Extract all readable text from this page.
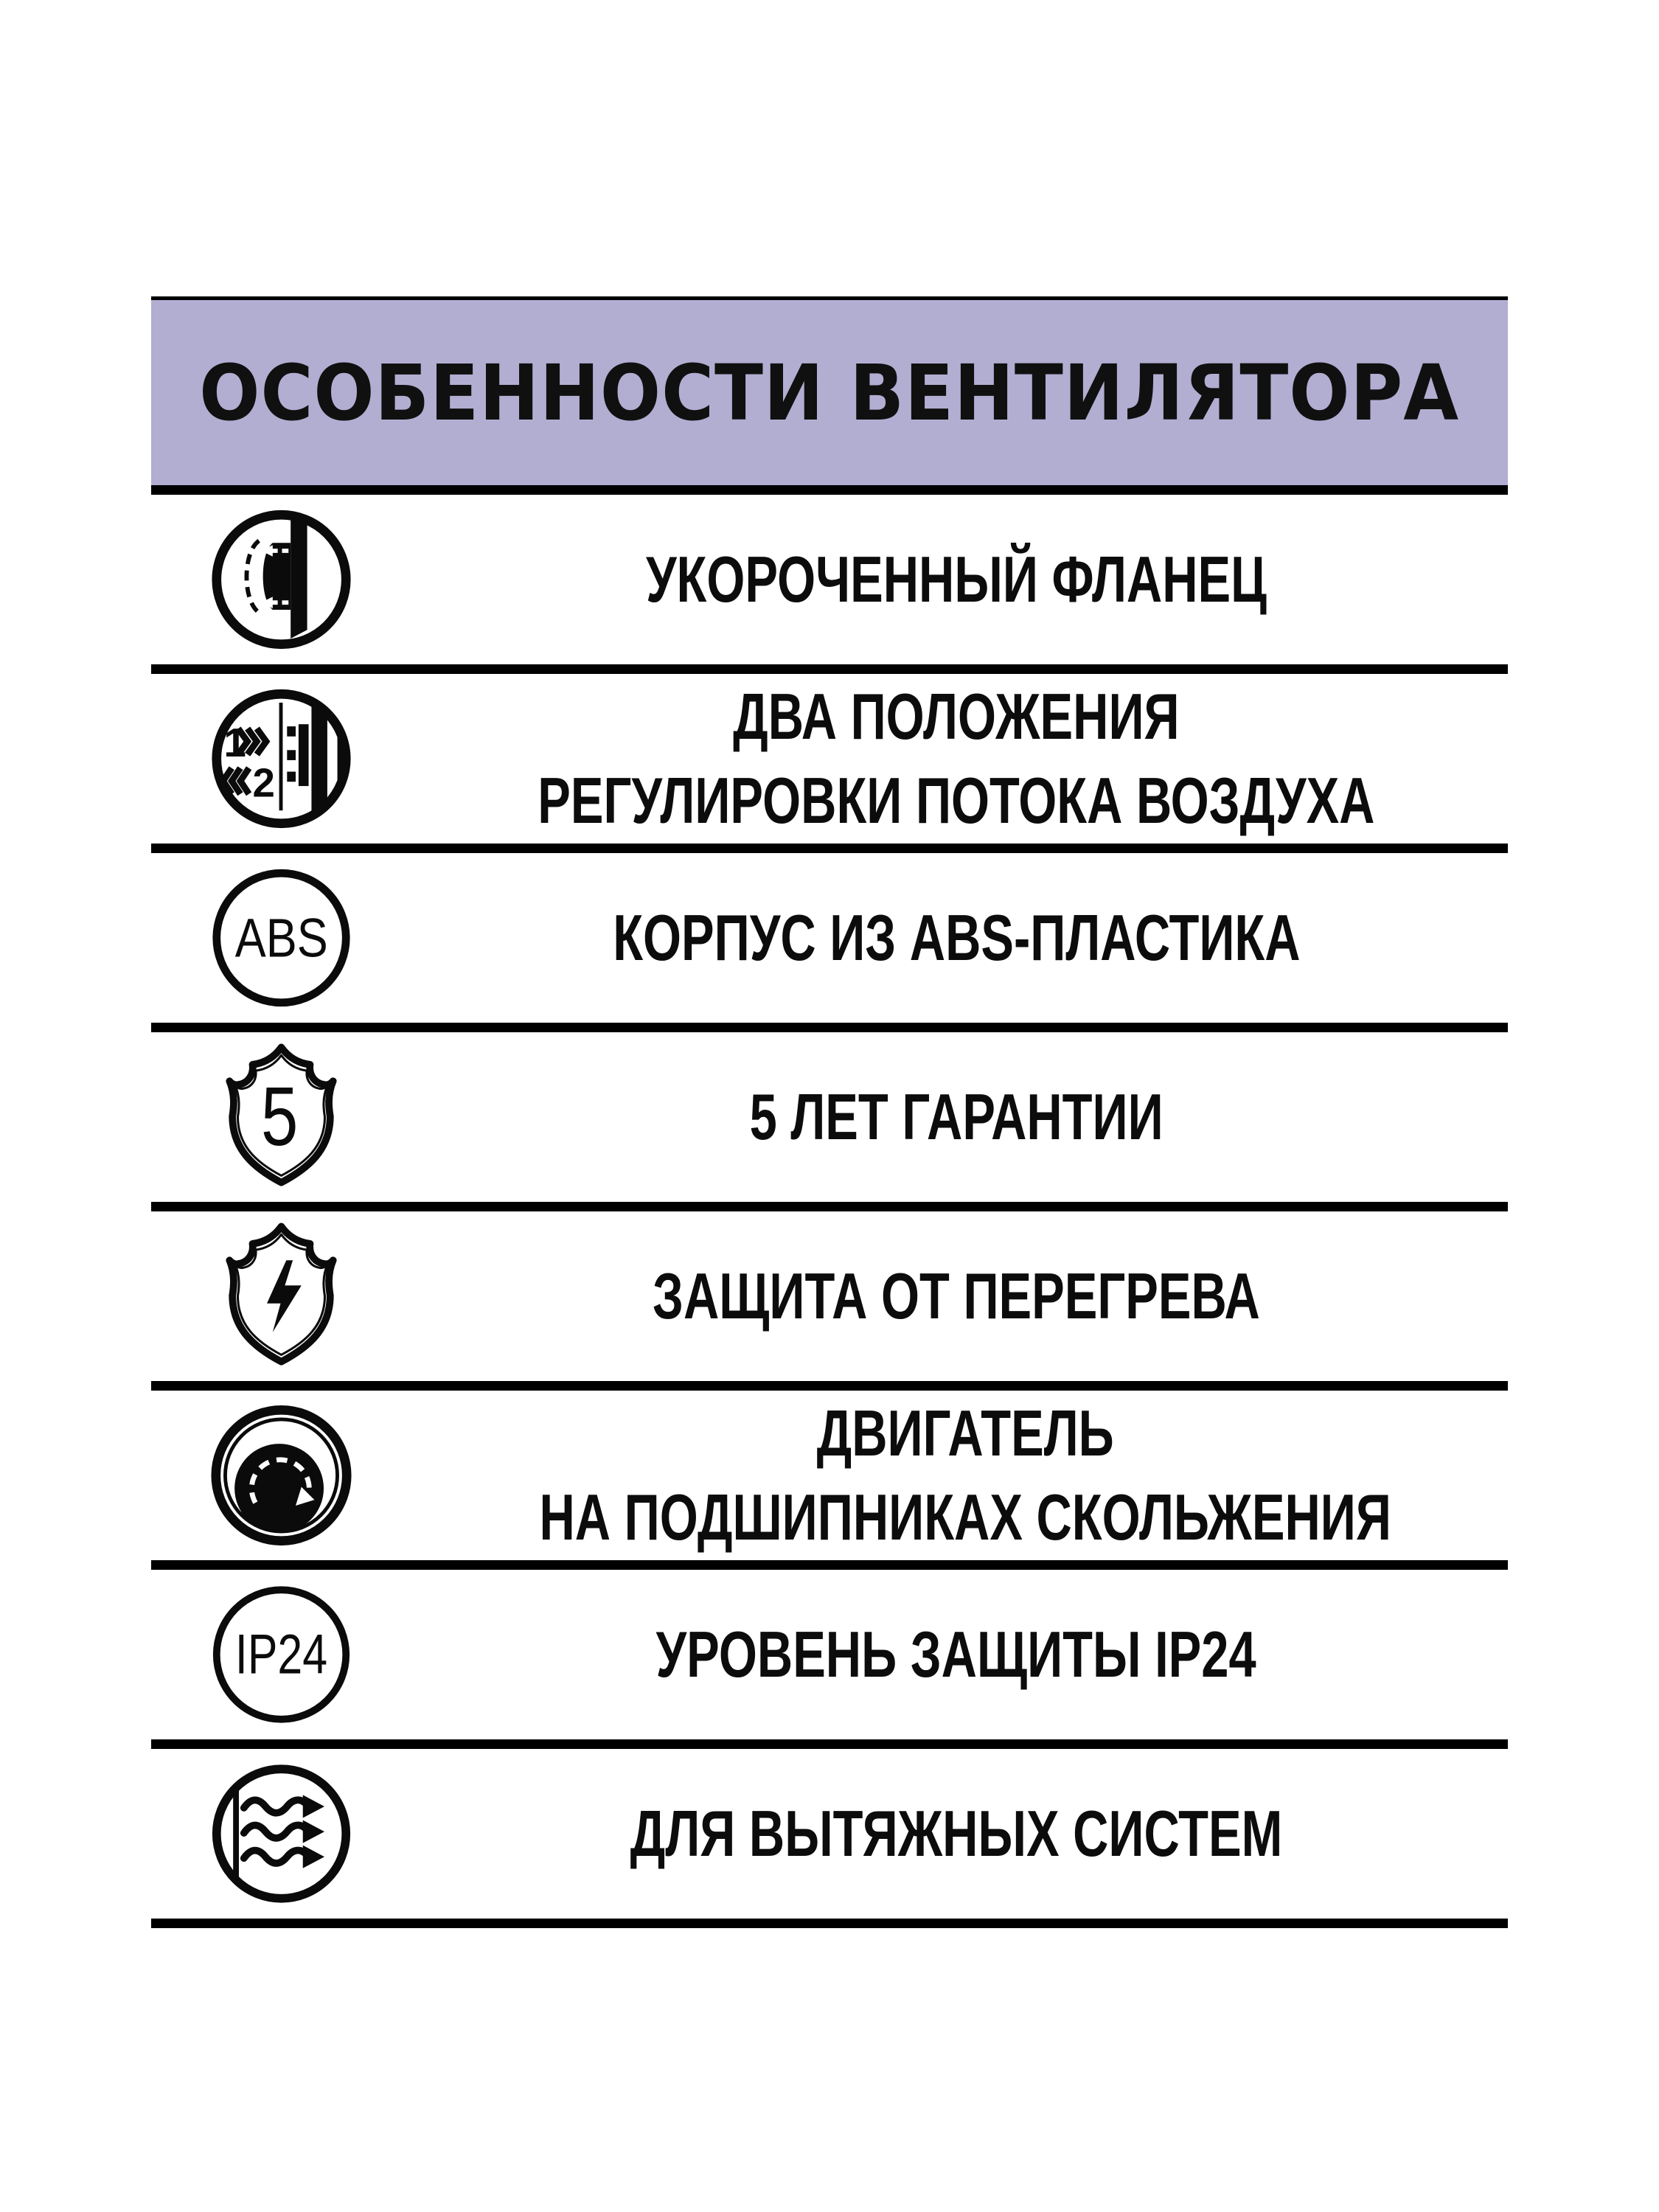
ОСОБЕННОСТИ ВЕНТИЛЯТОРА
УКОРОЧЕННЫЙ ФЛАНЕЦ
1
2
ДВА ПОЛОЖЕНИЯ
РЕГУЛИРОВКИ ПОТОКА ВОЗДУХА
ABS	КОРПУС ИЗ ABS-ПЛАСТИКА
5	5 ЛЕТ ГАРАНТИИ
ЗАЩИТА ОТ ПЕРЕГРЕВА
ДВИГАТЕЛЬ
НА ПОДШИПНИКАХ СКОЛЬЖЕНИЯ
IP24	УРОВЕНЬ ЗАЩИТЫ IP24
ДЛЯ ВЫТЯЖНЫХ СИСТЕМ
